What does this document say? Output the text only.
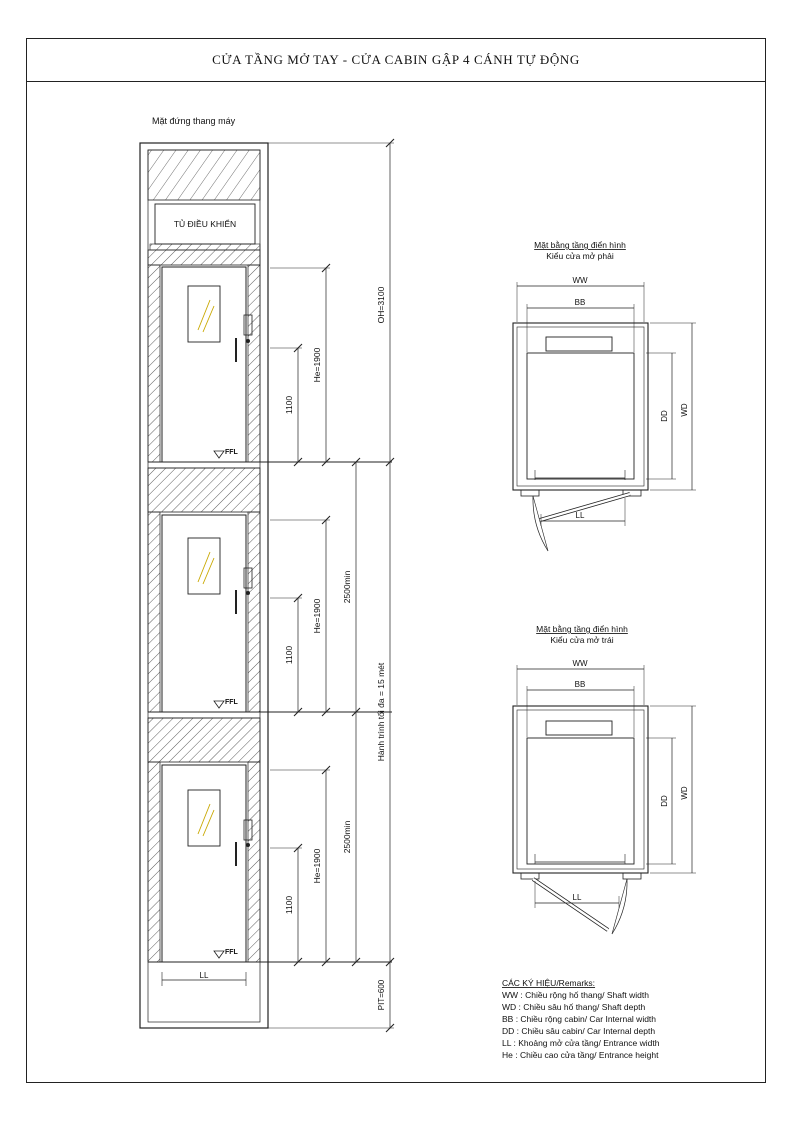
CỬA TẦNG MỞ TAY - CỬA CABIN GẬP 4 CÁNH TỰ ĐỘNG
Mặt đứng thang máy
TỦ ĐIỀU KHIỂN
FFL
FFL
FFL
LL
1100
1100
1100
He=1900
He=1900
He=1900
2500min
2500min
OH=3100
Hành trình tối đa = 15 mét
PIT=600
Mặt bằng tầng điển hình
Kiểu cửa mở phải
WW
BB
DD WD
LL
Mặt bằng tầng điển hình
Kiểu cửa mở trái
WW
BB
DD
WD
LL
CÁC KÝ HIỆU/Remarks:
WW : Chiều rộng hố thang/ Shaft width
WD : Chiều sâu hố thang/ Shaft depth
BB : Chiều rộng cabin/ Car Internal width
DD : Chiều sâu cabin/ Car Internal depth
LL : Khoảng mở cửa tầng/ Entrance width
He : Chiều cao cửa tầng/ Entrance height
